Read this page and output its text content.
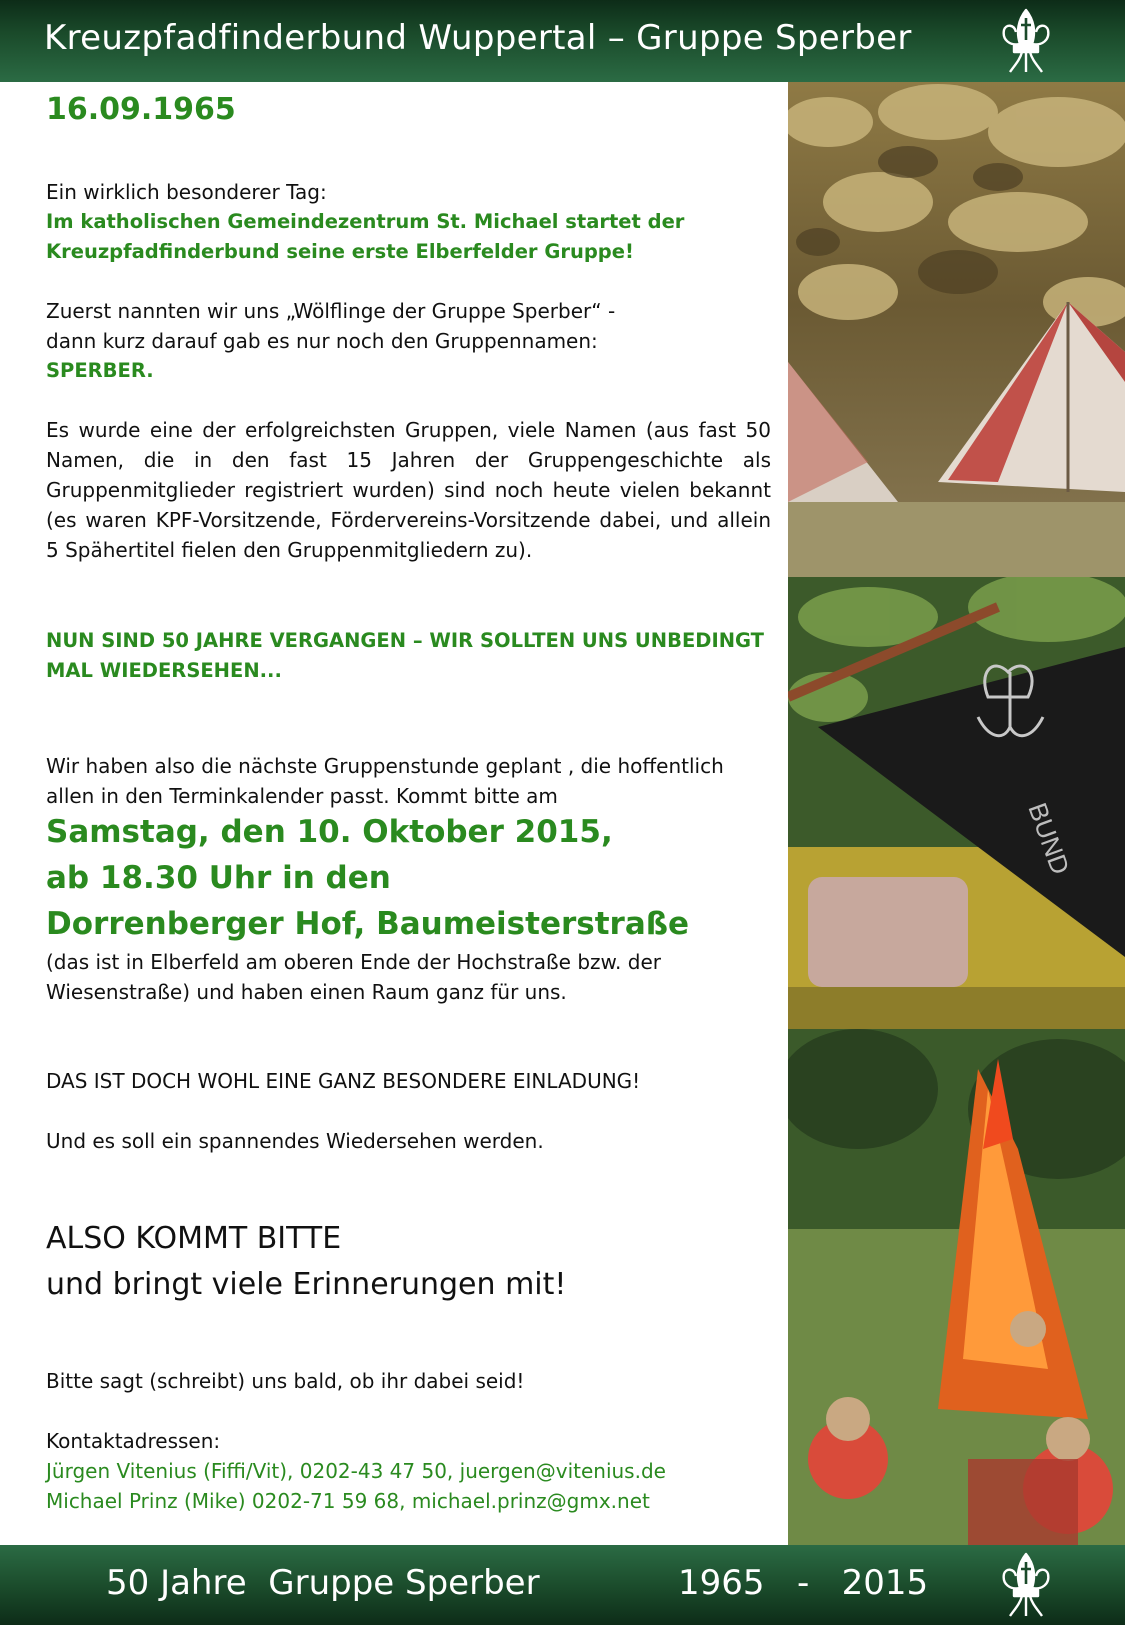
Kreuzpfadfinderbund Wuppertal – Gruppe Sperber
16.09.1965
Ein wirklich besonderer Tag:
Im katholischen Gemeindezentrum St. Michael startet der
Kreuzpfadfinderbund seine erste Elberfelder Gruppe!
Zuerst nannten wir uns „Wölflinge der Gruppe Sperber“ -
dann kurz darauf gab es nur noch den Gruppennamen:
SPERBER.
Es wurde eine der erfolgreichsten Gruppen, viele Namen (aus fast 50 Namen, die in den fast 15 Jahren der Gruppengeschichte als Gruppenmitglieder registriert wurden) sind noch heute vielen bekannt (es waren KPF-Vorsitzende, Fördervereins-Vorsitzende dabei, und allein 5 Spähertitel fielen den Gruppenmitgliedern zu).
NUN SIND 50 JAHRE VERGANGEN – WIR SOLLTEN UNS UNBEDINGT
MAL WIEDERSEHEN...
Wir haben also die nächste Gruppenstunde geplant , die hoffentlich
allen in den Terminkalender passt. Kommt bitte am
Samstag, den 10. Oktober 2015,
ab 18.30 Uhr in den
Dorrenberger Hof, Baumeisterstraße
(das ist in Elberfeld am oberen Ende der Hochstraße bzw. der
Wiesenstraße) und haben einen Raum ganz für uns.
DAS IST DOCH WOHL EINE GANZ BESONDERE EINLADUNG!
Und es soll ein spannendes Wiedersehen werden.
ALSO KOMMT BITTE
und bringt viele Erinnerungen mit!
Bitte sagt (schreibt) uns bald, ob ihr dabei seid!
Kontaktadressen:
Jürgen Vitenius (Fiffi/Vit), 0202-43 47 50, juergen@vitenius.de
Michael Prinz (Mike) 0202-71 59 68, michael.prinz@gmx.net
BUND
50 Jahre  Gruppe Sperber	1965   -   2015
